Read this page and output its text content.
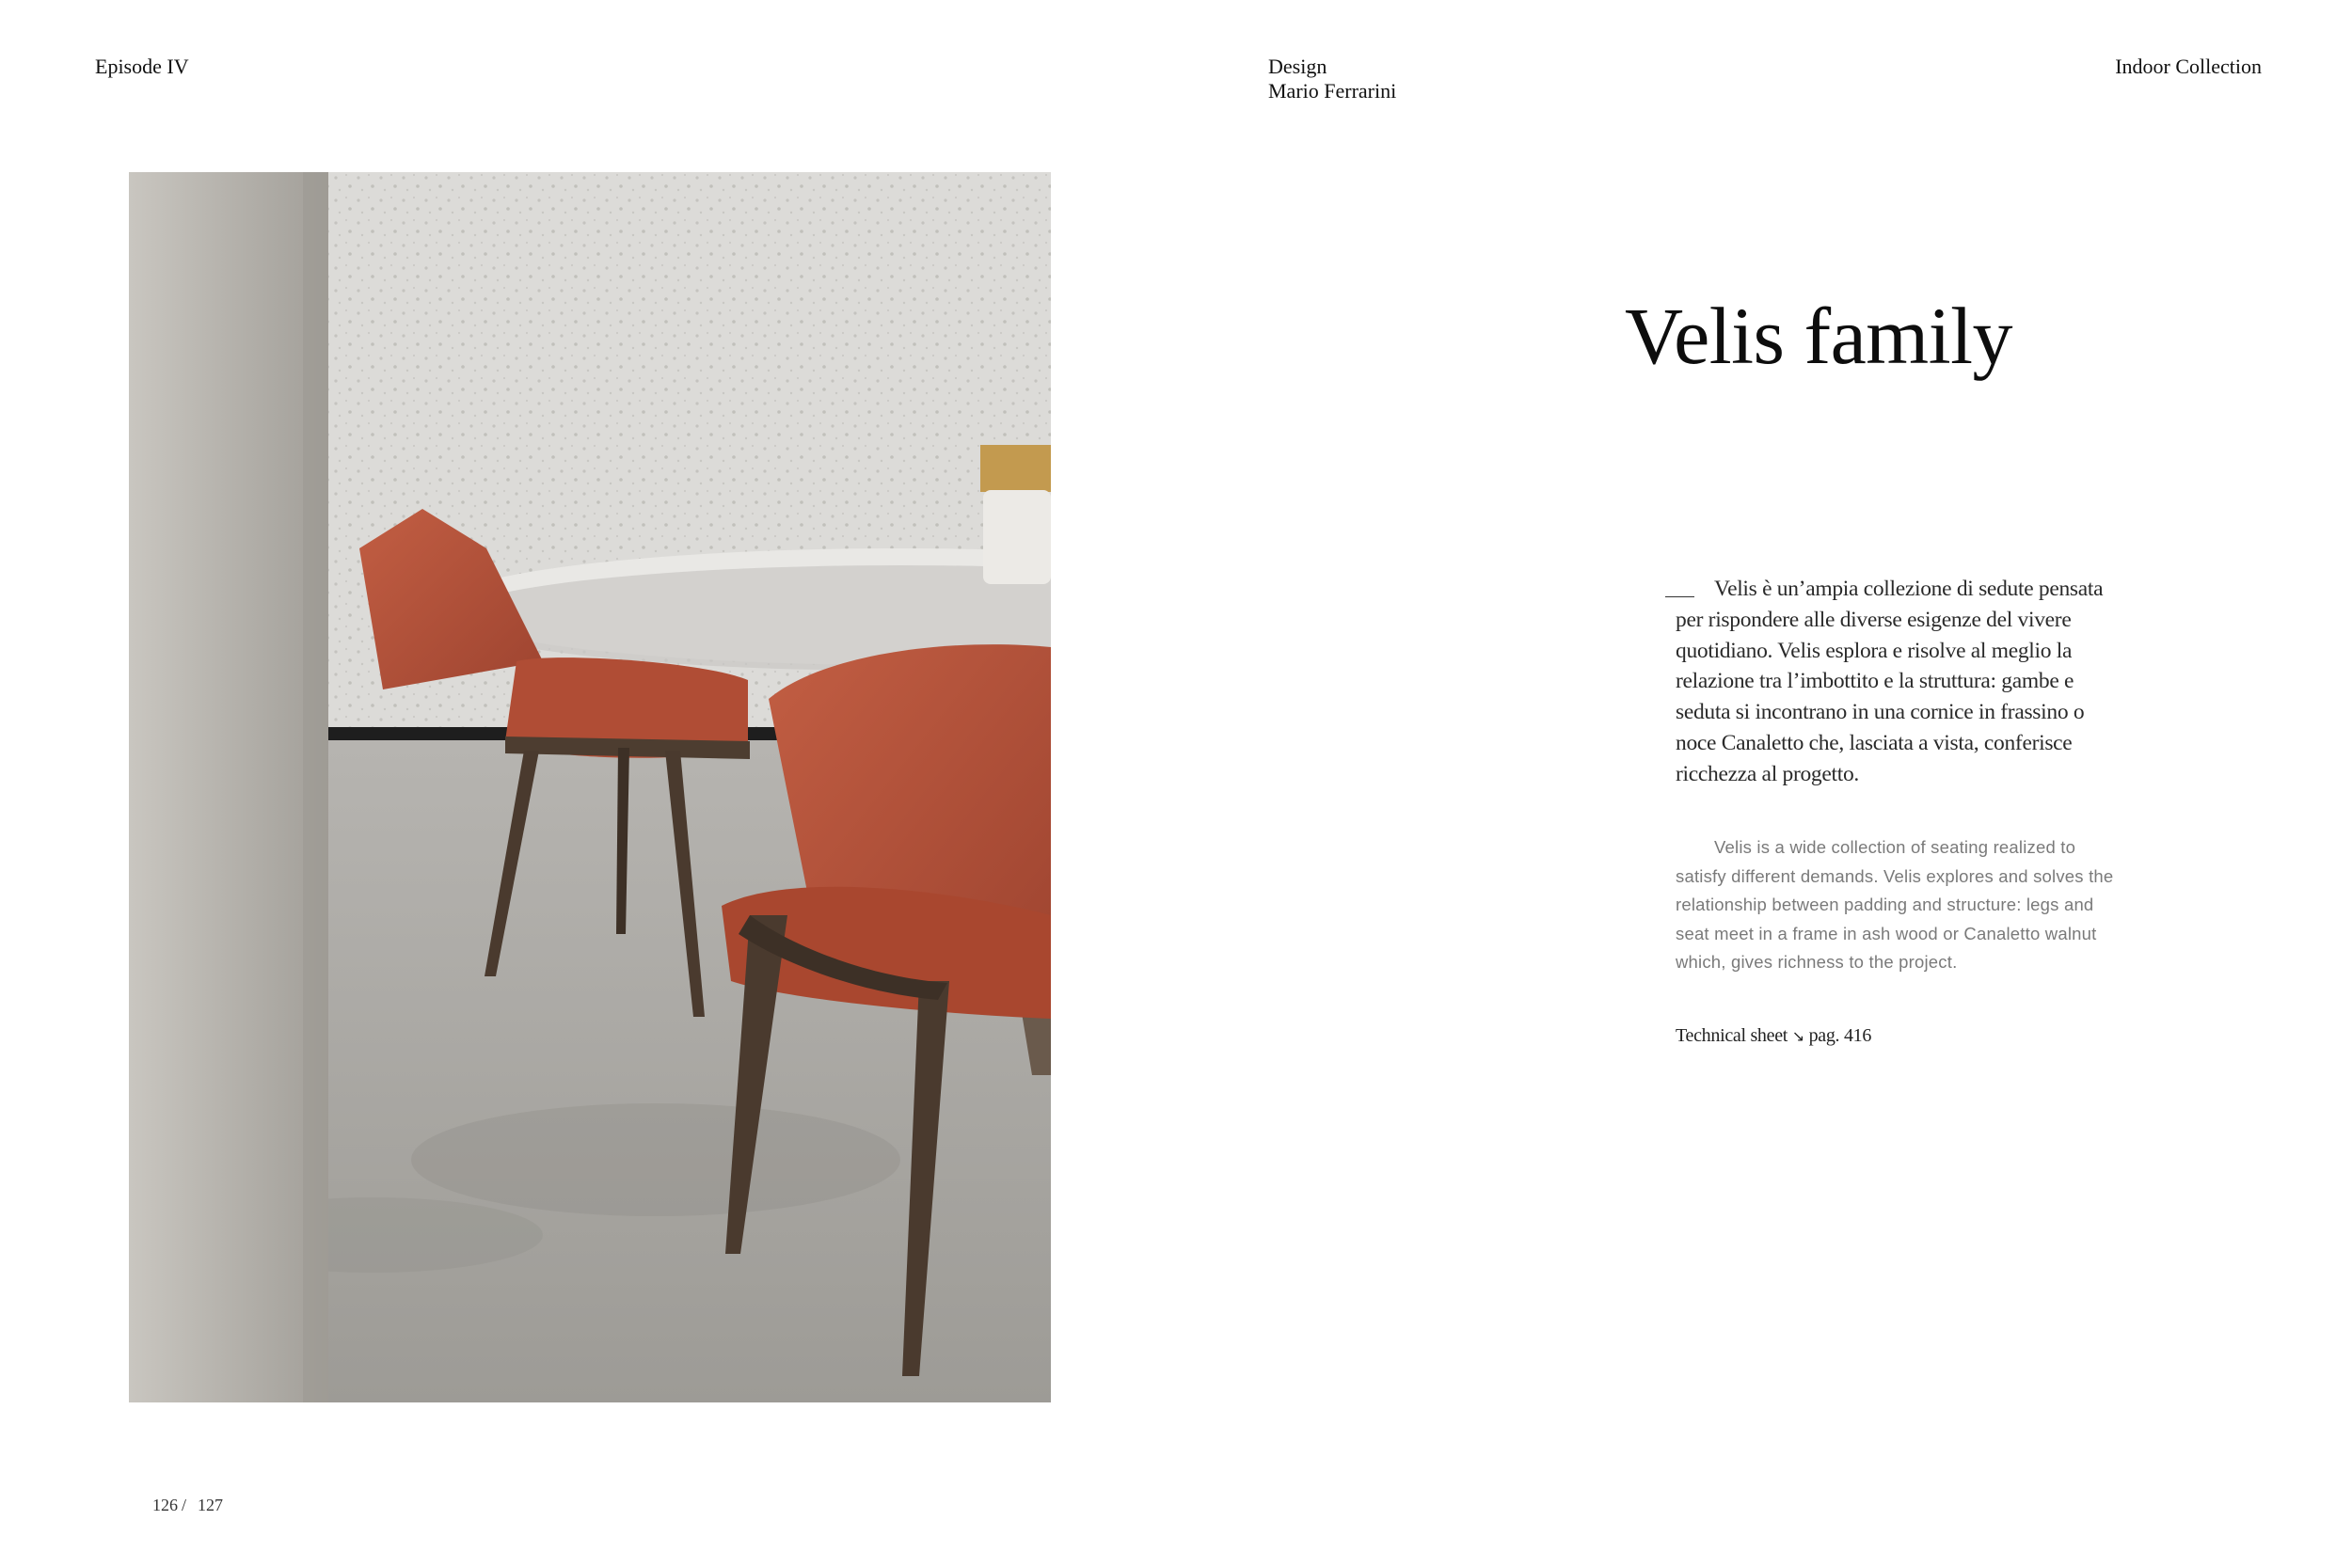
Episode IV	Design
Mario Ferrarini
Indoor Collection
Velis family
Velis è un’ampia collezione di sedute pensata per rispondere alle diverse esigenze del vivere quotidiano. Velis esplora e risolve al meglio la relazione tra l’imbottito e la struttura: gambe e seduta si incontrano in una cornice in frassino o noce Canaletto che, lasciata a vista, conferisce ricchezza al progetto.
Velis is a wide collection of seating realized to satisfy different demands. Velis explores and solves the relationship between padding and structure: legs and seat meet in a frame in ash wood or Canaletto walnut which, gives richness to the project.
Technical sheet ↘ pag. 416
126 / 127
